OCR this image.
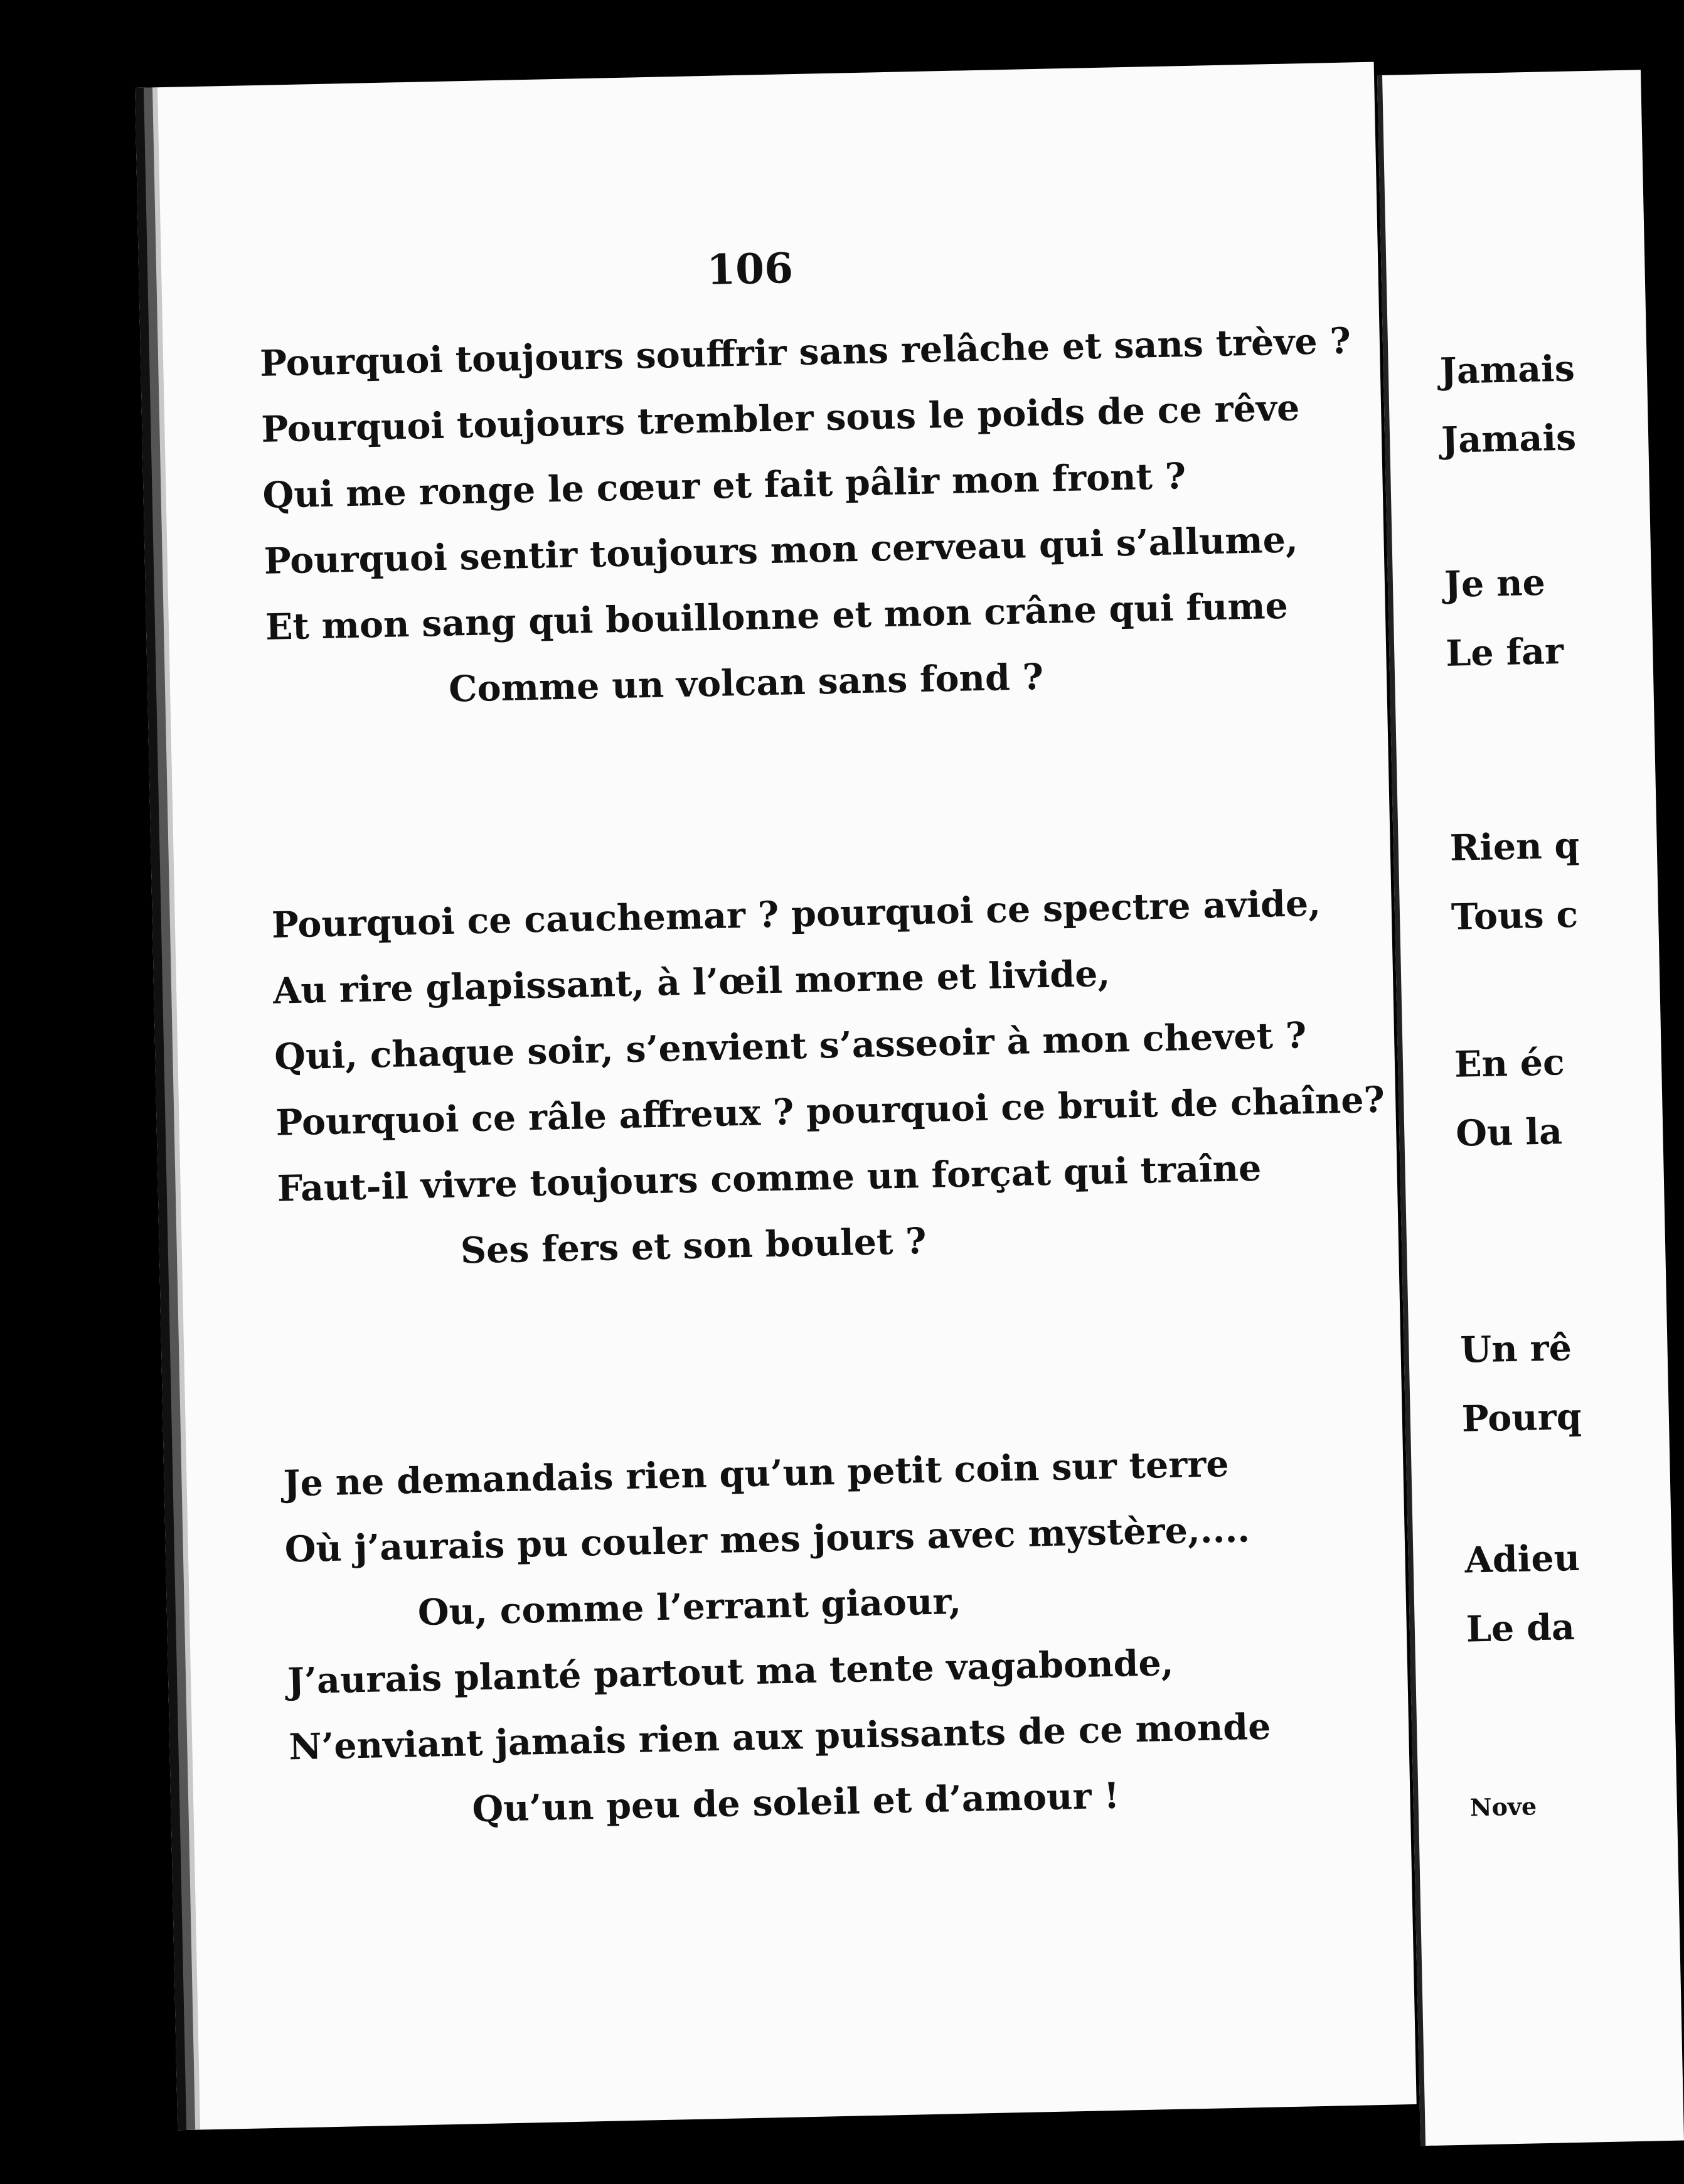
106
Pourquoi toujours souffrir sans relâche et sans trève ?
Pourquoi toujours trembler sous le poids de ce rêve
Qui me ronge le cœur et fait pâlir mon front ?
Pourquoi sentir toujours mon cerveau qui s’allume,
Et mon sang qui bouillonne et mon crâne qui fume
Comme un volcan sans fond ?
Pourquoi ce cauchemar ? pourquoi ce spectre avide,
Au rire glapissant, à l’œil morne et livide,
Qui, chaque soir, s’envient s’asseoir à mon chevet ?
Pourquoi ce râle affreux ? pourquoi ce bruit de chaîne?
Faut-il vivre toujours comme un forçat qui traîne
Ses fers et son boulet ?
Je ne demandais rien qu’un petit coin sur terre
Où j’aurais pu couler mes jours avec mystère,....
Ou, comme l’errant giaour,
J’aurais planté partout ma tente vagabonde,
N’enviant jamais rien aux puissants de ce monde
Qu’un peu de soleil et d’amour !
Jamais
Jamais
Je ne
Le far
Rien q
Tous c
En éc
Ou la
Un rê
Pourq
Adieu
Le da
Nove
